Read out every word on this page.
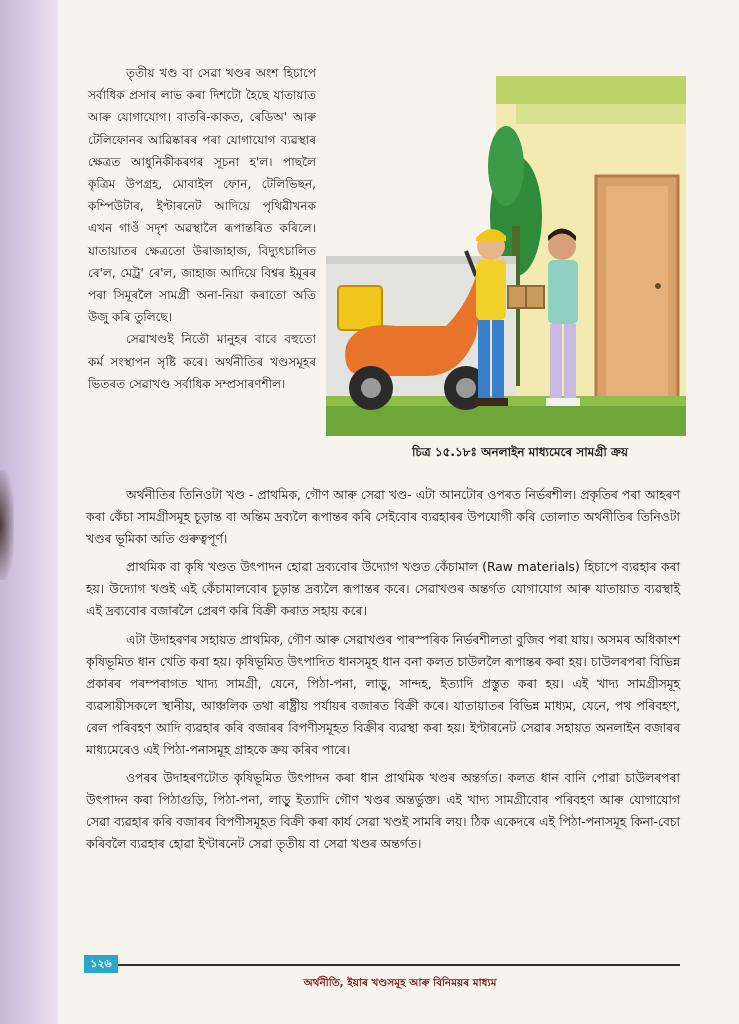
তৃতীয় খণ্ড বা সেৱা খণ্ডৰ অংশ হিচাপে সৰ্বাধিক প্ৰসাৰ লাভ কৰা দিশটো হৈছে যাতায়াত আৰু যোগাযোগ। বাতৰি-কাকত, ৰেডিঅ' আৰু টেলিফোনৰ আৱিষ্কাৰৰ পৰা যোগাযোগ ব্যৱস্থাৰ ক্ষেত্ৰত আধুনিকীকৰণৰ সূচনা হ'ল। পাছলৈ কৃত্ৰিম উপগ্ৰহ, মোবাইল ফোন, টেলিভিছন, কম্পিউটাৰ, ইণ্টাৰনেট আদিয়ে পৃথিৱীখনক এখন গাওঁ সদৃশ অৱস্থালৈ ৰূপান্তৰিত কৰিলে। যাতায়াতৰ ক্ষেত্ৰতো উৰাজাহাজ, বিদ্যুৎচালিত ৰে'ল, মেট্ৰ' ৰে'ল, জাহাজ আদিয়ে বিশ্বৰ ইমূৰৰ পৰা সিমূৰলৈ সামগ্ৰী অনা-নিয়া কৰাতো অতি উজু কৰি তুলিছে।

সেৱাখণ্ডই নিতৌ মানুহৰ বাবে বহুতো কৰ্ম সংস্থাপন সৃষ্টি কৰে। অৰ্থনীতিৰ খণ্ডসমূহৰ ভিতৰত সেৱাখণ্ড সৰ্বাধিক সম্প্ৰসাৰণশীল।

চিত্ৰ ১৫.১৮ঃ অনলাইন মাধ্যমেৰে সামগ্ৰী ক্ৰয়

অৰ্থনীতিৰ তিনিওটা খণ্ড - প্ৰাথমিক, গৌণ আৰু সেৱা খণ্ড- এটা আনটোৰ ওপৰত নিৰ্ভৰশীল। প্ৰকৃতিৰ পৰা আহৰণ কৰা কেঁচা সামগ্ৰীসমূহ চূড়ান্ত বা অন্তিম দ্ৰব্যলৈ ৰূপান্তৰ কৰি সেইবোৰ ব্যৱহাৰৰ উপযোগী কৰি তোলাত অৰ্থনীতিৰ তিনিওটা খণ্ডৰ ভূমিকা অতি গুৰুত্বপূৰ্ণ।

প্ৰাথমিক বা কৃষি খণ্ডত উৎপাদন হোৱা দ্ৰব্যবোৰ উদ্যোগ খণ্ডত কেঁচামাল (Raw materials) হিচাপে ব্যৱহাৰ কৰা হয়। উদ্যোগ খণ্ডই এই কেঁচামালবোৰ চূড়ান্ত দ্ৰব্যলৈ ৰূপান্তৰ কৰে। সেৱাখণ্ডৰ অন্তৰ্গত যোগাযোগ আৰু যাতায়াত ব্যৱস্থাই এই দ্ৰব্যবোৰ বজাৰলৈ প্ৰেৰণ কৰি বিক্ৰী কৰাত সহায় কৰে।

এটা উদাহৰণৰ সহায়ত প্ৰাথমিক, গৌণ আৰু সেৱাখণ্ডৰ পাৰস্পৰিক নিৰ্ভৰশীলতা বুজিব পৰা যায়। অসমৰ অধিকাংশ কৃষিভূমিত ধান খেতি কৰা হয়। কৃষিভূমিত উৎপাদিত ধানসমূহ ধান বনা কলত চাউললৈ ৰূপান্তৰ কৰা হয়। চাউলৰপৰা বিভিন্ন প্ৰকাৰৰ পৰম্পৰাগত খাদ্য সামগ্ৰী, যেনে, পিঠা-পনা, লাড়ু, সান্দহ, ইত্যাদি প্ৰস্তুত কৰা হয়। এই খাদ্য সামগ্ৰীসমূহ ব্যৱসায়ীসকলে স্থানীয়, আঞ্চলিক তথা ৰাষ্ট্ৰীয় পৰ্যায়ৰ বজাৰত বিক্ৰী কৰে। যাতায়াতৰ বিভিন্ন মাধ্যম, যেনে, পথ পৰিবহণ, ৰেল পৰিবহণ আদি ব্যৱহাৰ কৰি বজাৰৰ বিপণীসমূহত বিক্ৰীৰ ব্যৱস্থা কৰা হয়। ইণ্টাৰনেট সেৱাৰ সহায়ত অনলাইন বজাৰৰ মাধ্যমেৰেও এই পিঠা-পনাসমূহ গ্ৰাহকে ক্ৰয় কৰিব পাৰে।

ওপৰৰ উদাহৰণটোত কৃষিভূমিত উৎপাদন কৰা ধান প্ৰাথমিক খণ্ডৰ অন্তৰ্গত। কলত ধান বানি পোৱা চাউলৰপৰা উৎপাদন কৰা পিঠাগুড়ি, পিঠা-পনা, লাড়ু ইত্যাদি গৌণ খণ্ডৰ অন্তৰ্ভুক্ত। এই খাদ্য সামগ্ৰীবোৰ পৰিবহণ আৰু যোগাযোগ সেৱা ব্যৱহাৰ কৰি বজাৰৰ বিপণীসমূহত বিক্ৰী কৰা কাৰ্য সেৱা খণ্ডই সামৰি লয়। ঠিক একেদৰে এই পিঠা-পনাসমূহ কিনা-বেচা কৰিবলৈ ব্যৱহাৰ হোৱা ইণ্টাৰনেট সেৱা তৃতীয় বা সেৱা খণ্ডৰ অন্তৰ্গত।

১২৬
অৰ্থনীতি, ইয়াৰ খণ্ডসমূহ আৰু বিনিময়ৰ মাধ্যম
